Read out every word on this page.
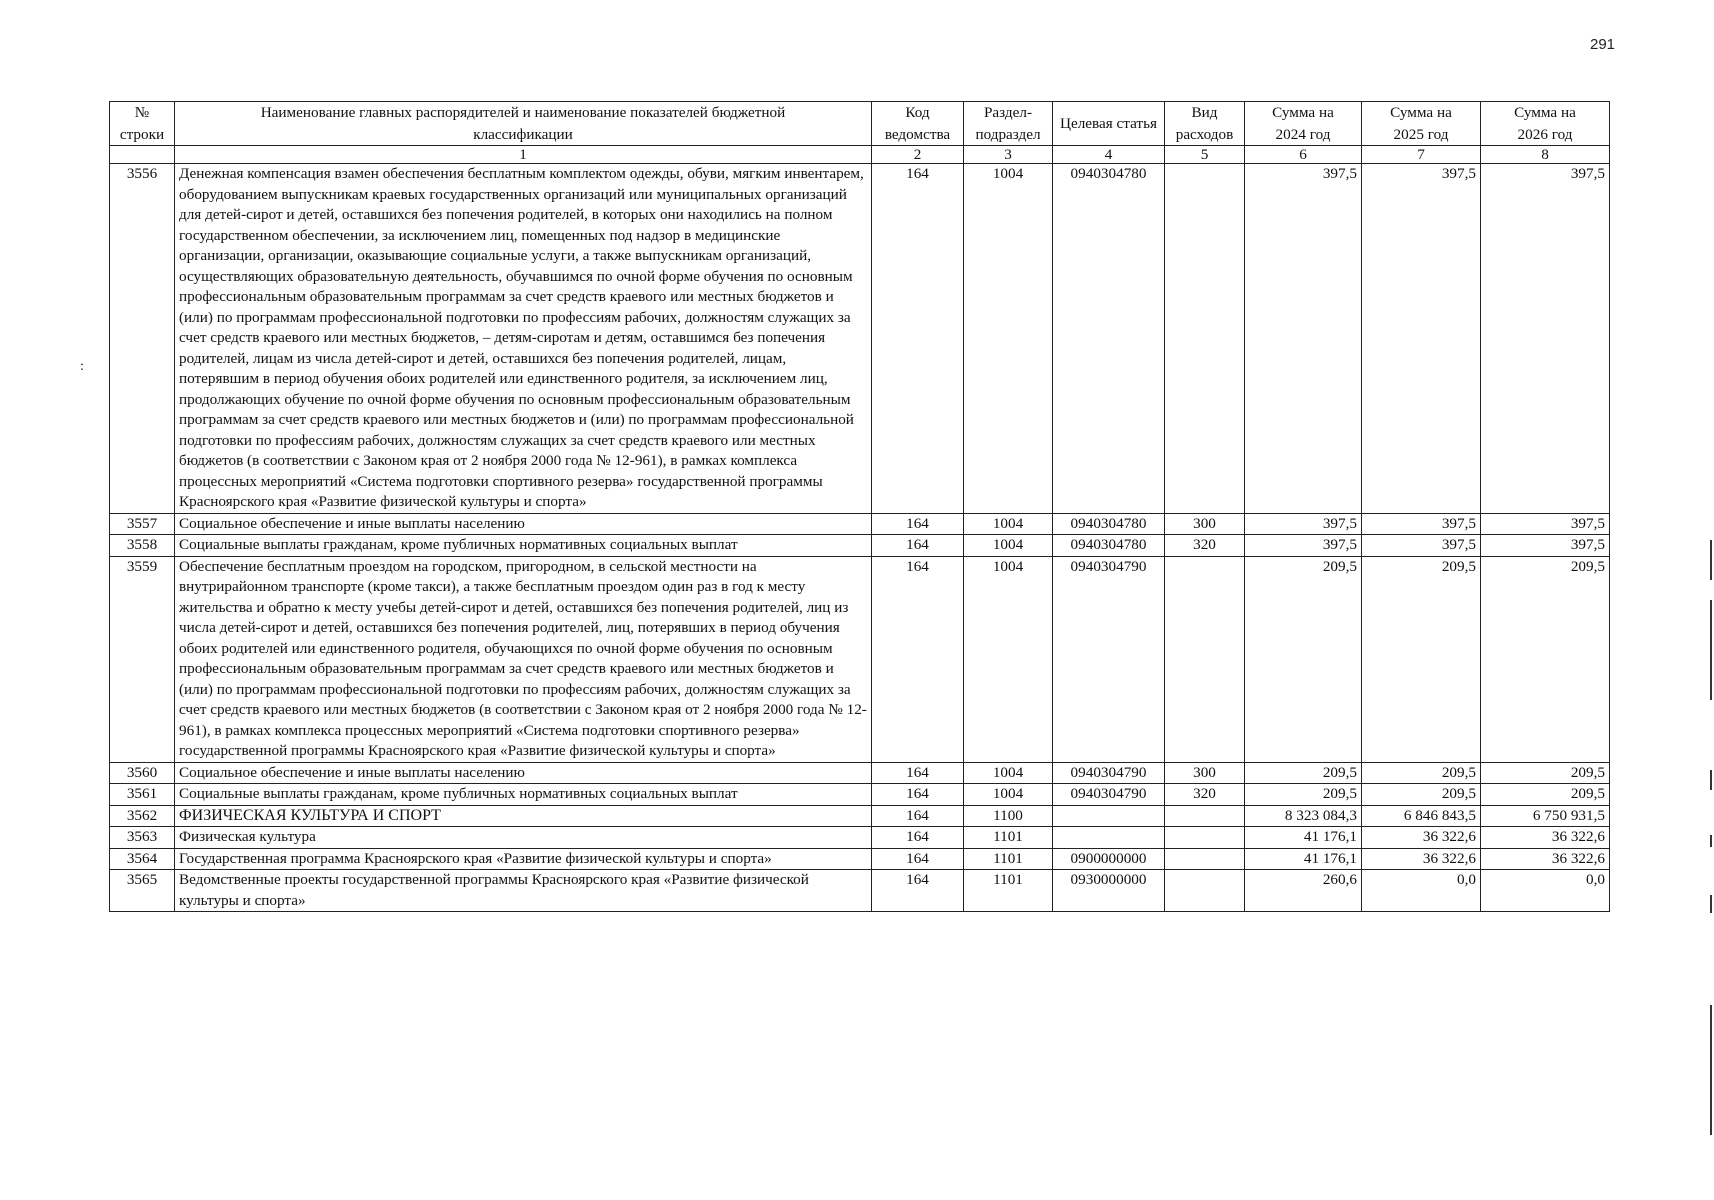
291
:
№ строки	Наименование главных распорядителей и наименование показателей бюджетной классификации	Код ведомства	Раздел-подраздел	Целевая статья	Вид расходов	Сумма на 2024 год	Сумма на 2025 год	Сумма на 2026 год
	1	2	3	4	5	6	7	8
3556	Денежная компенсация взамен обеспечения бесплатным комплектом одежды, обуви, мягким инвентарем, оборудованием выпускникам краевых государственных организаций или муниципальных организаций для детей-сирот и детей, оставшихся без попечения родителей, в которых они находились на полном государственном обеспечении, за исключением лиц, помещенных под надзор в медицинские организации, организации, оказывающие социальные услуги, а также выпускникам организаций, осуществляющих образовательную деятельность, обучавшимся по очной форме обучения по основным профессиональным образовательным программам за счет средств краевого или местных бюджетов и (или) по программам профессиональной подготовки по профессиям рабочих, должностям служащих за счет средств краевого или местных бюджетов, – детям-сиротам и детям, оставшимся без попечения родителей, лицам из числа детей-сирот и детей, оставшихся без попечения родителей, лицам, потерявшим в период обучения обоих родителей или единственного родителя, за исключением лиц, продолжающих обучение по очной форме обучения по основным профессиональным образовательным программам за счет средств краевого или местных бюджетов и (или) по программам профессиональной подготовки по профессиям рабочих, должностям служащих за счет средств краевого или местных бюджетов (в соответствии с Законом края от 2 ноября 2000 года № 12-961), в рамках комплекса процессных мероприятий «Система подготовки спортивного резерва» государственной программы Красноярского края «Развитие физической культуры и спорта»	164	1004	0940304780		397,5	397,5	397,5
3557	Социальное обеспечение и иные выплаты населению	164	1004	0940304780	300	397,5	397,5	397,5
3558	Социальные выплаты гражданам, кроме публичных нормативных социальных выплат	164	1004	0940304780	320	397,5	397,5	397,5
3559	Обеспечение бесплатным проездом на городском, пригородном, в сельской местности на внутрирайонном транспорте (кроме такси), а также бесплатным проездом один раз в год к месту жительства и обратно к месту учебы детей-сирот и детей, оставшихся без попечения родителей, лиц из числа детей-сирот и детей, оставшихся без попечения родителей, лиц, потерявших в период обучения обоих родителей или единственного родителя, обучающихся по очной форме обучения по основным профессиональным образовательным программам за счет средств краевого или местных бюджетов и (или) по программам профессиональной подготовки по профессиям рабочих, должностям служащих за счет средств краевого или местных бюджетов (в соответствии с Законом края от 2 ноября 2000 года № 12-961), в рамках комплекса процессных мероприятий «Система подготовки спортивного резерва» государственной программы Красноярского края «Развитие физической культуры и спорта»	164	1004	0940304790		209,5	209,5	209,5
3560	Социальное обеспечение и иные выплаты населению	164	1004	0940304790	300	209,5	209,5	209,5
3561	Социальные выплаты гражданам, кроме публичных нормативных социальных выплат	164	1004	0940304790	320	209,5	209,5	209,5
3562	ФИЗИЧЕСКАЯ КУЛЬТУРА И СПОРТ	164	1100			8 323 084,3	6 846 843,5	6 750 931,5
3563	Физическая культура	164	1101			41 176,1	36 322,6	36 322,6
3564	Государственная программа Красноярского края «Развитие физической культуры и спорта»	164	1101	0900000000		41 176,1	36 322,6	36 322,6
3565	Ведомственные проекты государственной программы Красноярского края «Развитие физической культуры и спорта»	164	1101	0930000000		260,6	0,0	0,0
